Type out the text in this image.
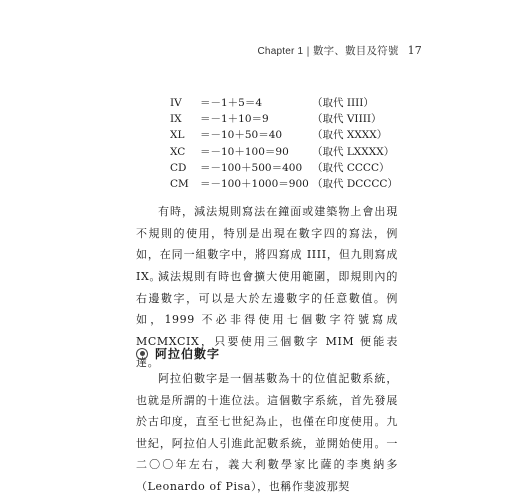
Chapter 1 | 數字、數目及符號 17
IV	＝－1＋5＝4	（取代 IIII）
IX	＝－1＋10＝9	（取代 VIIII）
XL	＝－10＋50＝40	（取代 XXXX）
XC	＝－10＋100＝90	（取代 LXXXX）
CD	＝－100＋500＝400 （取代 CCCC）
CM	＝－100＋1000＝900 （取代 DCCCC）

有時，減法規則寫法在鐘面或建築物上會出現不規則的使用，特別是出現在數字四的寫法，例如，在同一組數字中，將四寫成 IIII，但九則寫成 IX。

減法規則有時也會擴大使用範圍，即規則內的右邊數字，可以是大於左邊數字的任意數值。例如，1999 不必非得使用七個數字符號寫成 MCMXCIX，只要使用三個數字 MIM 便能表達。

阿拉伯數字

阿拉伯數字是一個基數為十的位值記數系統，也就是所謂的十進位法。這個數字系統，首先發展於古印度，直至七世紀為止，也僅在印度使用。九世紀，阿拉伯人引進此記數系統，並開始使用。一二〇〇年左右，義大利數學家比薩的李奧納多（Leonardo of Pisa），也稱作斐波那契
